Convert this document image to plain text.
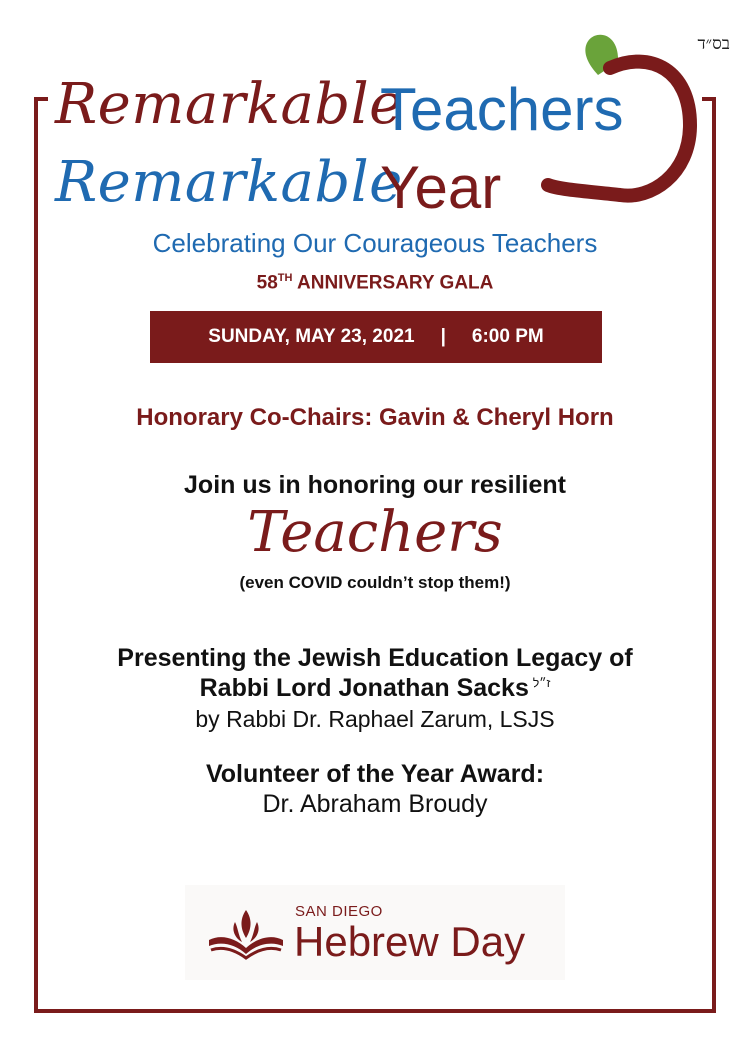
בס״ד
Remarkable
Teachers
Remarkable
Year
Celebrating Our Courageous Teachers
58TH ANNIVERSARY GALA
SUNDAY, MAY 23, 2021 | 6:00 PM
Honorary Co-Chairs: Gavin & Cheryl Horn
Join us in honoring our resilient
Teachers
(even COVID couldn’t stop them!)
Presenting the Jewish Education Legacy of
Rabbi Lord Jonathan Sacks $^{ז״ל}$
by Rabbi Dr. Raphael Zarum, LSJS
Volunteer of the Year Award:
Dr. Abraham Broudy
SAN DIEGO
Hebrew Day
